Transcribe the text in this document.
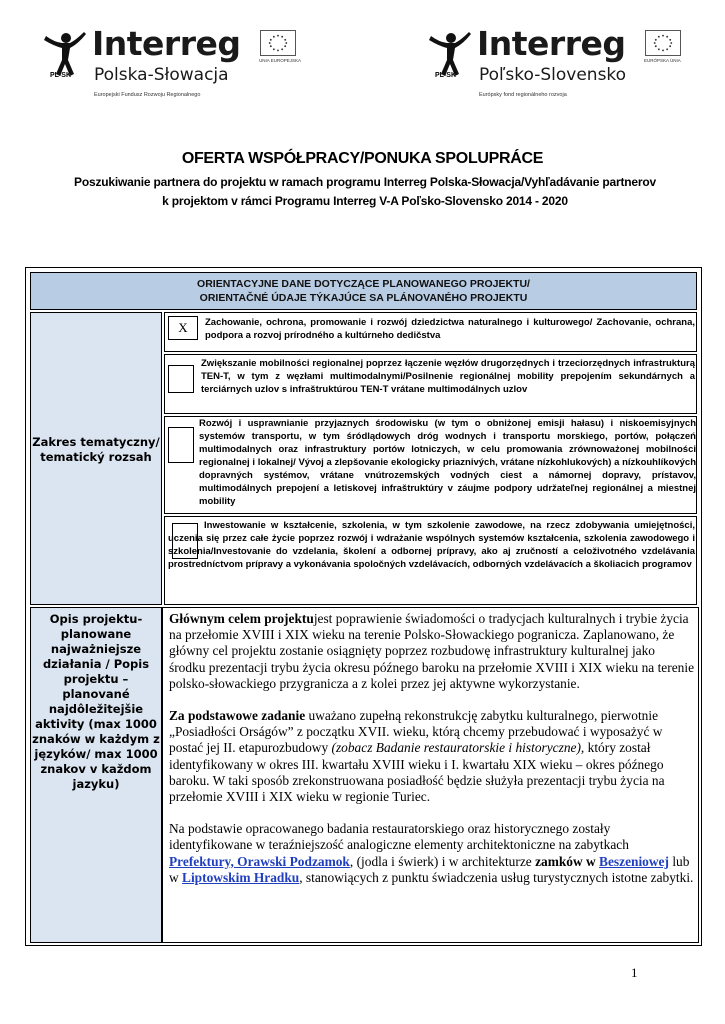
PL-SK
Interreg
Polska-Słowacja
Europejski Fundusz Rozwoju Regionalnego
UNIA EUROPEJSKA
PL-SK
Interreg
Poľsko-Slovensko
Európsky fond regionálneho rozvoja
EURÓPSKA ÚNIA
OFERTA WSPÓŁPRACY/PONUKA SPOLUPRÁCE
Poszukiwanie partnera do projektu w ramach programu Interreg Polska-Słowacja/Vyhľadávanie partnerov k projektom v rámci Programu Interreg V-A Poľsko-Slovensko 2014 - 2020
ORIENTACYJNE DANE DOTYCZĄCE PLANOWANEGO PROJEKTU/
ORIENTAČNÉ ÚDAJE TÝKAJÚCE SA PLÁNOVANÉHO PROJEKTU
Zakres tematyczny/ tematický rozsah
X	Zachowanie, ochrona, promowanie i rozwój dziedzictwa naturalnego i kulturowego/ Zachovanie, ochrana, podpora a rozvoj prírodného a kultúrneho dedičstva
Zwiększanie mobilności regionalnej poprzez łączenie węzłów drugorzędnych i trzeciorzędnych infrastrukturą TEN-T, w tym z węzłami multimodalnymi/Posilnenie regionálnej mobility prepojením sekundárnych a terciárnych uzlov s infraštruktúrou TEN-T vrátane multimodálnych uzlov
Rozwój i usprawnianie przyjaznych środowisku (w tym o obniżonej emisji hałasu) i niskoemisyjnych systemów transportu, w tym śródlądowych dróg wodnych i transportu morskiego, portów, połączeń multimodalnych oraz infrastruktury portów lotniczych, w celu promowania zrównoważonej mobilności regionalnej i lokalnej/ Vývoj a zlepšovanie ekologicky priaznivých, vrátane nízkohlukových) a nízkouhlíkových dopravných systémov, vrátane vnútrozemských vodných ciest a námornej dopravy, prístavov, multimodálnych prepojení a letiskovej infraštruktúry v záujme podpory udržateľnej regionálnej a miestnej mobility
Inwestowanie w kształcenie, szkolenia, w tym szkolenie zawodowe, na rzecz zdobywania umiejętności, uczenia się przez całe życie poprzez rozwój i wdrażanie wspólnych systemów kształcenia, szkolenia zawodowego i szkolenia/Investovanie do vzdelania, školení a odbornej prípravy, ako aj zručností a celoživotného vzdelávania prostredníctvom prípravy a vykonávania spoločných vzdelávacích, odborných vzdelávacích a školiacich programov
Opis projektu- planowane najważniejsze działania / Popis projektu – planované najdôležitejšie aktivity (max 1000 znaków w każdym z języków/ max 1000 znakov v každom jazyku)

Głównym celem projektujest poprawienie świadomości o tradycjach kulturalnych i trybie życia na przełomie XVIII i XIX wieku na terenie Polsko-Słowackiego pogranicza. Zaplanowano, że główny cel projektu zostanie osiągnięty poprzez rozbudowę infrastruktury kulturalnej jako środku prezentacji trybu życia okresu późnego baroku na przełomie XVIII i XIX wieku na terenie polsko-słowackiego przygranicza a z kolei przez jej aktywne wykorzystanie.

Za podstawowe zadanie uważano zupełną rekonstrukcję zabytku kulturalnego, pierwotnie „Posiadłości Orságów” z początku XVII. wieku, którą chcemy przebudować i wyposażyć w postać jej II. etapurozbudowy (zobacz Badanie restauratorskie i historyczne), który został identyfikowany w okres III. kwartału XVIII wieku i I. kwartału XIX wieku – okres późnego baroku. W taki sposób zrekonstruowana posiadłość będzie służyła prezentacji trybu życia na przełomie XVIII i XIX wieku w regionie Turiec.

Na podstawie opracowanego badania restauratorskiego oraz historycznego zostały identyfikowane w teraźniejszość analogiczne elementy architektoniczne na zabytkach Prefektury, Orawski Podzamok, (jodla i świerk) i w architekturze zamków w Beszeniowej lub w Liptowskim Hradku, stanowiących z punktu świadczenia usług turystycznych istotne zabytki.

1
